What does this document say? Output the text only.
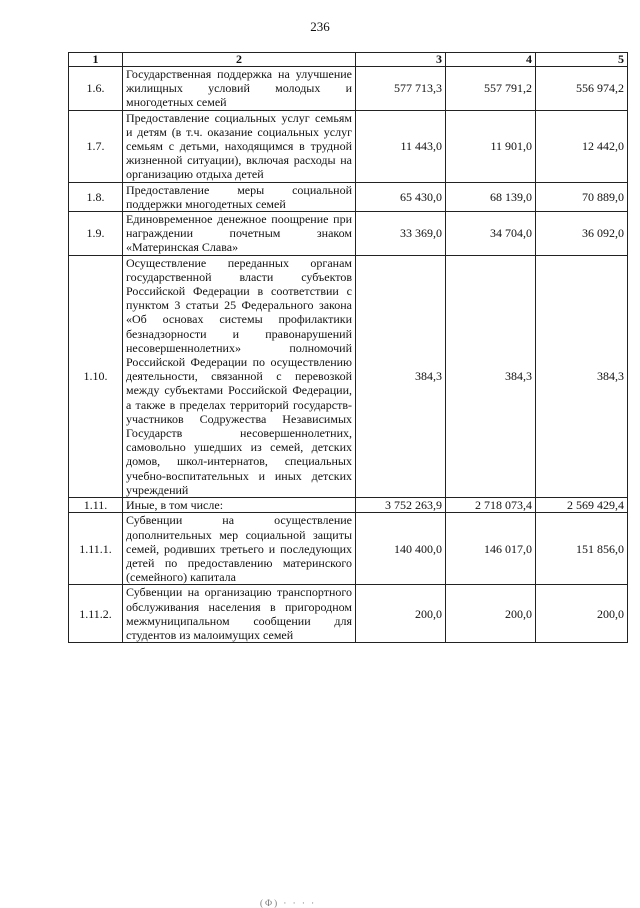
236
1	2	3	4	5
1.6.	Государственная поддержка на улучшение жилищных условий молодых и многодетных семей	577 713,3	557 791,2	556 974,2
1.7.	Предоставление социальных услуг семьям и детям (в т.ч. оказание социальных услуг семьям с детьми, находящимся в трудной жизненной ситуации), включая расходы на организацию отдыха детей	11 443,0	11 901,0	12 442,0
1.8.	Предоставление меры социальной поддержки многодетных семей	65 430,0	68 139,0	70 889,0
1.9.	Единовременное денежное поощрение при награждении почетным знаком «Материнская Слава»	33 369,0	34 704,0	36 092,0
1.10.	Осуществление переданных органам государственной власти субъектов Российской Федерации в соответствии с пунктом 3 статьи 25 Федерального закона «Об основах системы профилактики безнадзорности и правонарушений несовершеннолетних» полномочий Российской Федерации по осуществлению деятельности, связанной с перевозкой между субъектами Российской Федерации, а также в пределах территорий государств-участников Содружества Независимых Государств несовершеннолетних, самовольно ушедших из семей, детских домов, школ-интернатов, специальных учебно-воспитательных и иных детских учреждений	384,3	384,3	384,3
1.11.	Иные, в том числе:	3 752 263,9	2 718 073,4	2 569 429,4
1.11.1.	Субвенции на осуществление дополнительных мер социальной защиты семей, родивших третьего и последующих детей по предоставлению материнского (семейного) капитала	140 400,0	146 017,0	151 856,0
1.11.2.	Субвенции на организацию транспортного обслуживания населения в пригородном межмуниципальном сообщении для студентов из малоимущих семей	200,0	200,0	200,0
(Ф) · · · ·
